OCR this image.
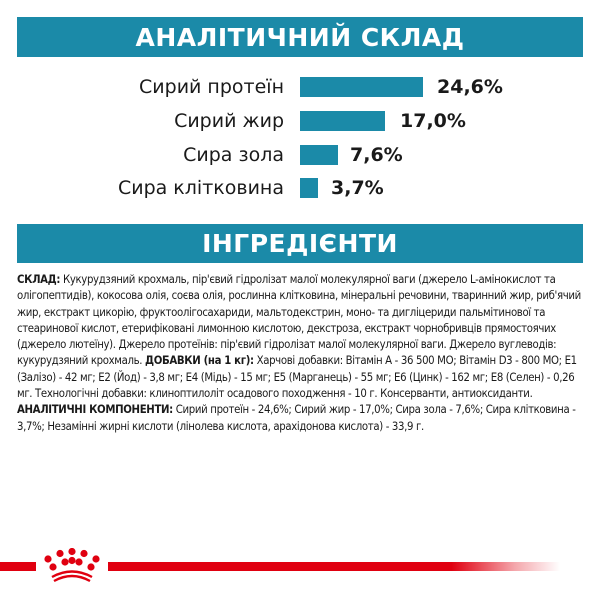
АНАЛІТИЧНИЙ СКЛАД
Сирий протеїн	24,6%
Сирий жир	17,0%
Сира зола	7,6%
Сира клітковина 3,7%
ІНГРЕДІЄНТИ
СКЛАД: Кукурудзяний крохмаль, пір'євий гідролізат малої молекулярної ваги (джерело L-амінокислот та олігопептидів), кокосова олія, соєва олія, рослинна клітковина, мінеральні речовини, тваринний жир, риб'ячий жир, екстракт цикорію, фруктоолігосахариди, мальтодекстрин, моно- та дигліцериди пальмітинової та стеаринової кислот, етерифіковані лимонною кислотою, декстроза, екстракт чорнобривців прямостоячих (джерело лютеїну). Джерело протеїнів: пір'євий гідролізат малої молекулярної ваги. Джерело вуглеводів: кукурудзяний крохмаль. ДОБАВКИ (на 1 кг): Харчові добавки: Вітамін A - 36 500 МО; Вітамін D3 - 800 МО; E1 (Залізо) - 42 мг; E2 (Йод) - 3,8 мг; E4 (Мідь) - 15 мг; E5 (Марганець) - 55 мг; E6 (Цинк) - 162 мг; E8 (Селен) - 0,26 мг. Технологічні добавки: клиноптилоліт осадового походження - 10 г. Консерванти, антиоксиданти. АНАЛІТИЧНІ КОМПОНЕНТИ: Сирий протеїн - 24,6%; Сирий жир - 17,0%; Сира зола - 7,6%; Сира клітковина - 3,7%; Незамінні жирні кислоти (лінолева кислота, арахідонова кислота) - 33,9 г.
